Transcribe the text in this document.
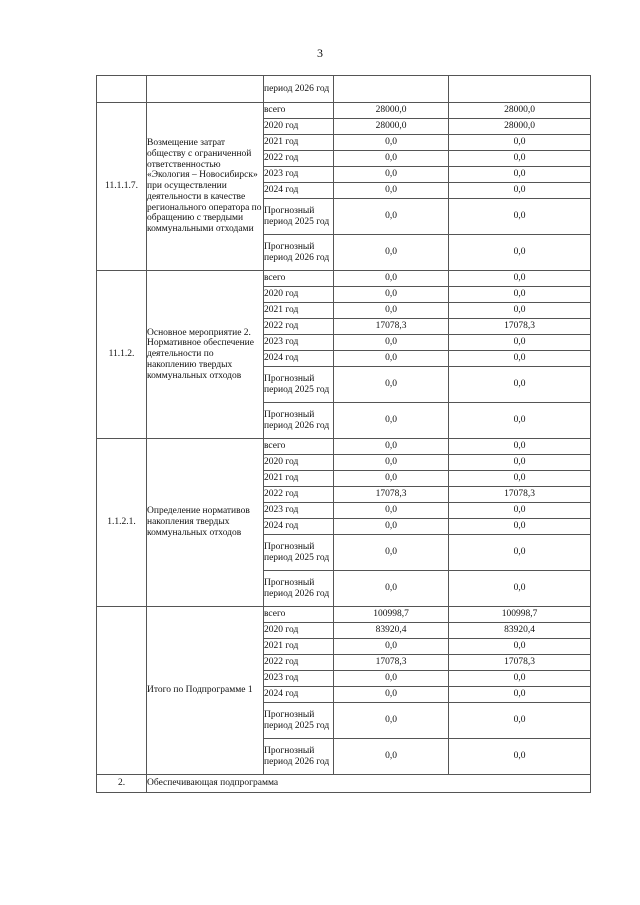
3
		период 2026 год		
11.1.1.7.	Возмещение затрат обществу с ограниченной ответственностью «Экология – Новосибирск» при осуществлении деятельности в качестве регионального оператора по обращению с твердыми коммунальными отходами	всего	28000,0	28000,0
		2020 год	28000,0	28000,0
		2021 год	0,0	0,0
		2022 год	0,0	0,0
		2023 год	0,0	0,0
		2024 год	0,0	0,0
		Прогнозный период 2025 год	0,0	0,0
		Прогнозный период 2026 год	0,0	0,0
11.1.2.	Основное мероприятие 2. Нормативное обеспечение деятельности по накоплению твердых коммунальных отходов	всего	0,0	0,0
		2020 год	0,0	0,0
		2021 год	0,0	0,0
		2022 год	17078,3	17078,3
		2023 год	0,0	0,0
		2024 год	0,0	0,0
		Прогнозный период 2025 год	0,0	0,0
		Прогнозный период 2026 год	0,0	0,0
1.1.2.1.	Определение нормативов накопления твердых коммунальных отходов	всего	0,0	0,0
		2020 год	0,0	0,0
		2021 год	0,0	0,0
		2022 год	17078,3	17078,3
		2023 год	0,0	0,0
		2024 год	0,0	0,0
		Прогнозный период 2025 год	0,0	0,0
		Прогнозный период 2026 год	0,0	0,0
	Итого по Подпрограмме 1	всего	100998,7	100998,7
		2020 год	83920,4	83920,4
		2021 год	0,0	0,0
		2022 год	17078,3	17078,3
		2023 год	0,0	0,0
		2024 год	0,0	0,0
		Прогнозный период 2025 год	0,0	0,0
		Прогнозный период 2026 год	0,0	0,0
2.	Обеспечивающая подпрограмма			
